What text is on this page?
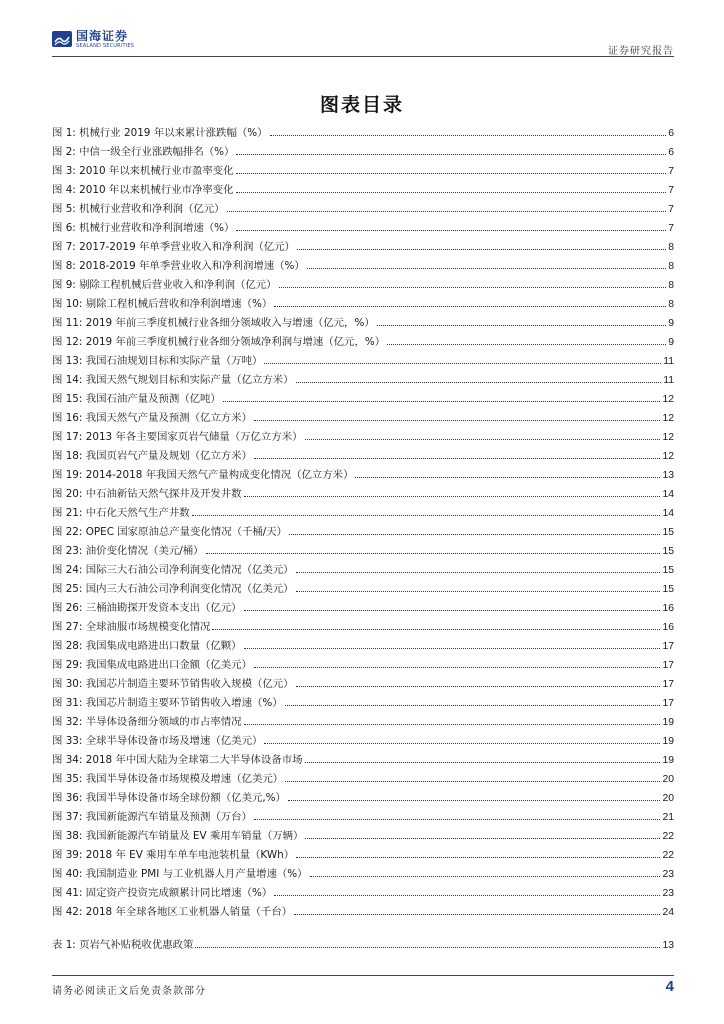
国海证券
SEALAND SECURITIES
证券研究报告
图表目录
图 1: 机械行业 2019 年以来累计涨跌幅（%）	6
图 2: 中信一级全行业涨跌幅排名（%）	6
图 3: 2010 年以来机械行业市盈率变化	7
图 4: 2010 年以来机械行业市净率变化	7
图 5: 机械行业营收和净利润（亿元）	7
图 6: 机械行业营收和净利润增速（%）	7
图 7: 2017-2019 年单季营业收入和净利润（亿元）	8
图 8: 2018-2019 年单季营业收入和净利润增速（%）	8
图 9: 剔除工程机械后营业收入和净利润（亿元）	8
图 10: 剔除工程机械后营收和净利润增速（%）	8
图 11: 2019 年前三季度机械行业各细分领域收入与增速（亿元，%）	9
图 12: 2019 年前三季度机械行业各细分领域净利润与增速（亿元，%）	9
图 13: 我国石油规划目标和实际产量（万吨）	11
图 14: 我国天然气规划目标和实际产量（亿立方米）	11
图 15: 我国石油产量及预测（亿吨）	12
图 16: 我国天然气产量及预测（亿立方米）	12
图 17: 2013 年各主要国家页岩气储量（万亿立方米）	12
图 18: 我国页岩气产量及规划（亿立方米）	12
图 19: 2014-2018 年我国天然气产量构成变化情况（亿立方米）	13
图 20: 中石油新钻天然气探井及开发井数	14
图 21: 中石化天然气生产井数	14
图 22: OPEC 国家原油总产量变化情况（千桶/天）	15
图 23: 油价变化情况（美元/桶）	15
图 24: 国际三大石油公司净利润变化情况（亿美元）	15
图 25: 国内三大石油公司净利润变化情况（亿美元）	15
图 26: 三桶油勘探开发资本支出（亿元）	16
图 27: 全球油服市场规模变化情况	16
图 28: 我国集成电路进出口数量（亿颗）	17
图 29: 我国集成电路进出口金额（亿美元）	17
图 30: 我国芯片制造主要环节销售收入规模（亿元）	17
图 31: 我国芯片制造主要环节销售收入增速（%）	17
图 32: 半导体设备细分领域的市占率情况	19
图 33: 全球半导体设备市场及增速（亿美元）	19
图 34: 2018 年中国大陆为全球第二大半导体设备市场	19
图 35: 我国半导体设备市场规模及增速（亿美元）	20
图 36: 我国半导体设备市场全球份额（亿美元,%）	20
图 37: 我国新能源汽车销量及预测（万台）	21
图 38: 我国新能源汽车销量及 EV 乘用车销量（万辆）	22
图 39: 2018 年 EV 乘用车单车电池装机量（KWh）	22
图 40: 我国制造业 PMI 与工业机器人月产量增速（%）	23
图 41: 固定资产投资完成额累计同比增速（%）	23
图 42: 2018 年全球各地区工业机器人销量（千台）	24
表 1: 页岩气补贴税收优惠政策	13
请务必阅读正文后免责条款部分	4
